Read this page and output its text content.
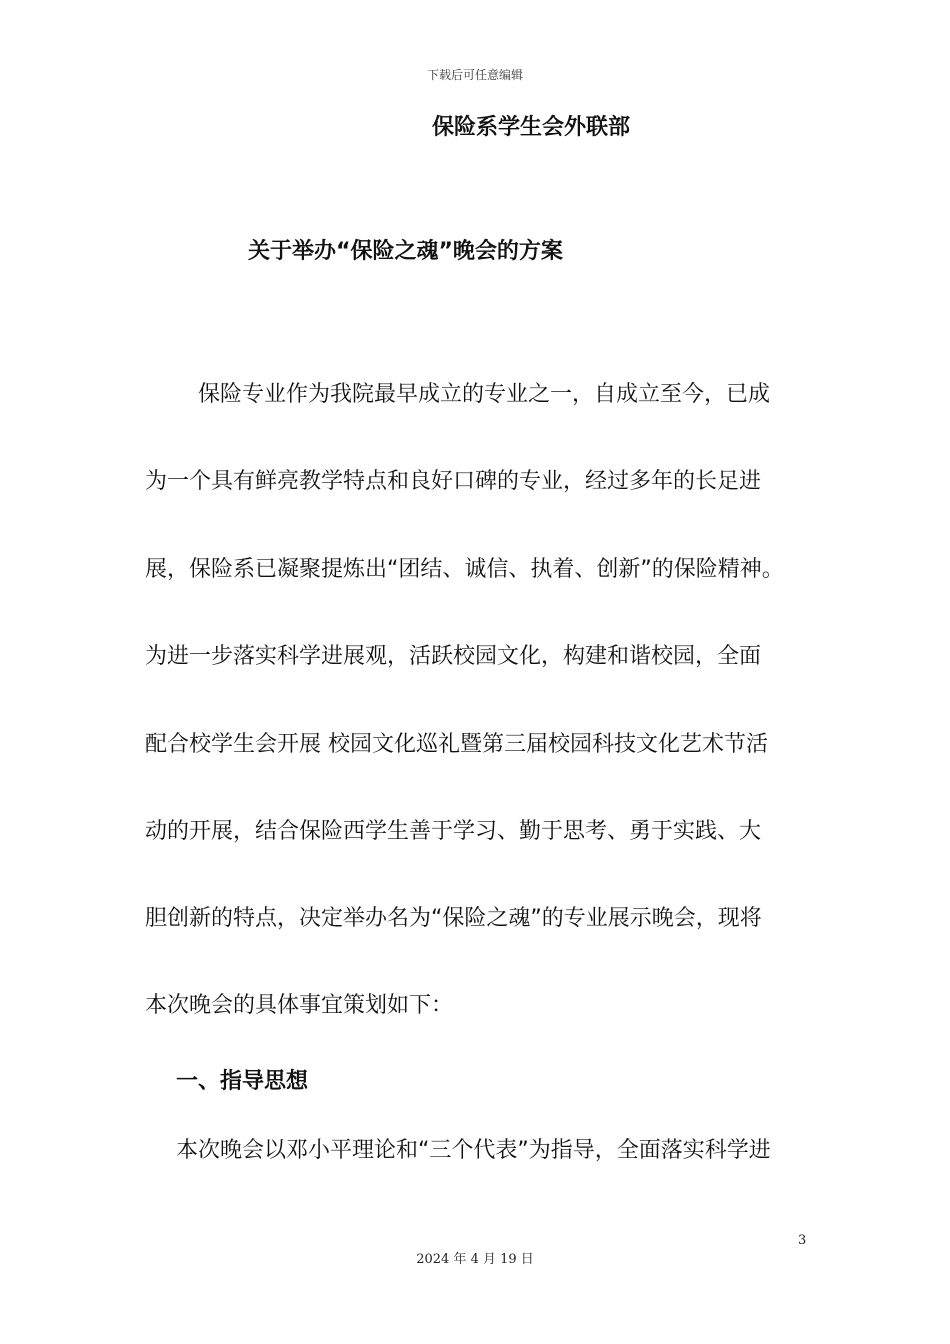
下载后可任意编辑
保险系学生会外联部
关于举办“保险之魂”晚会的方案
保险专业作为我院最早成立的专业之一，自成立至今，已成
为一个具有鲜亮教学特点和良好口碑的专业，经过多年的长足进
展，保险系已凝聚提炼出“团结、诚信、执着、创新”的保险精神。
为进一步落实科学进展观，活跃校园文化，构建和谐校园，全面
配合校学生会开展 校园文化巡礼暨第三届校园科技文化艺术节活
动的开展，结合保险西学生善于学习、勤于思考、勇于实践、大
胆创新的特点，决定举办名为“保险之魂”的专业展示晚会，现将
本次晚会的具体事宜策划如下：
一、指导思想
本次晚会以邓小平理论和“三个代表”为指导，全面落实科学进
3
2024 年 4 月 19 日
